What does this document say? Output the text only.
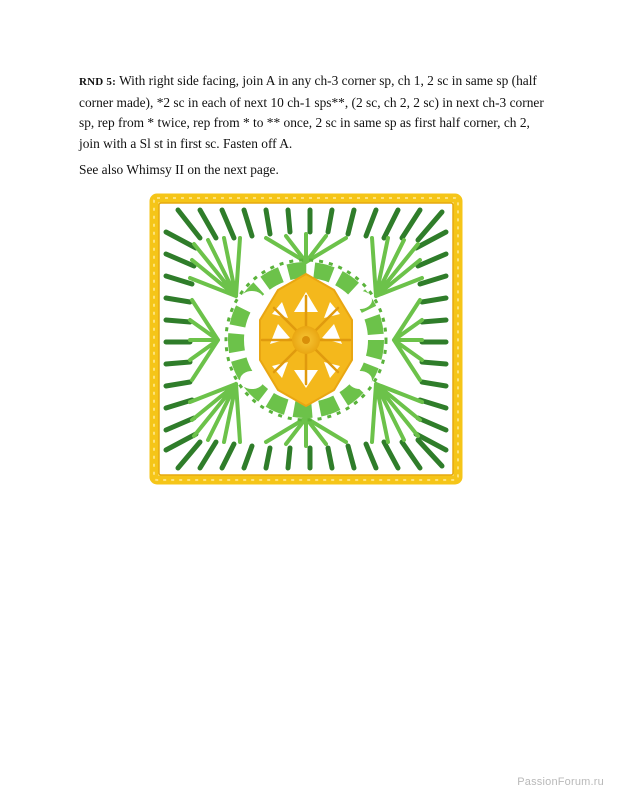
RND 5: With right side facing, join A in any ch-3 corner sp, ch 1, 2 sc in same sp (half corner made), *2 sc in each of next 10 ch-1 sps**, (2 sc, ch 2, 2 sc) in next ch-3 corner sp, rep from * twice, rep from * to ** once, 2 sc in same sp as first half corner, ch 2, join with a Sl st in first sc. Fasten off A.

See also Whimsy II on the next page.

PassionForum.ru
